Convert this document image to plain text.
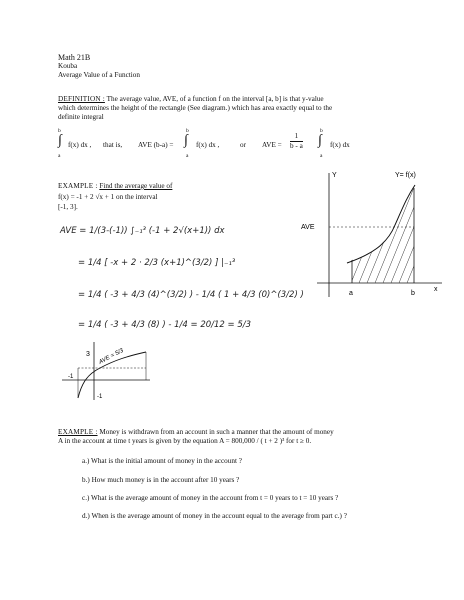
Math 21B
Kouba
Average Value of a Function
DEFINITION : The average value, AVE, of a function f on the interval [a, b] is that y-value
which determines the height of the rectangle (See diagram.) which has area exactly equal to the
definite integral
b
∫
a
f(x) dx , that is, AVE (b-a) =
b
∫
a
f(x) dx ,	or AVE = $\frac{1}{b - a}$
b
∫
a
f(x) dx
Y	Y= f(x)
AVE
x
a	b
EXAMPLE : Find the average value of
f(x) = -1 + 2 √x + 1 on the interval
[-1, 3].
AVE = 1/(3-(-1)) ∫₋₁³ (-1 + 2√(x+1)) dx
= 1/4 [ -x + 2 · 2/3 (x+1)^(3/2) ] |₋₁³
= 1/4 ( -3 + 4/3 (4)^(3/2) ) - 1/4 ( 1 + 4/3 (0)^(3/2) )
= 1/4 ( -3 + 4/3 (8) ) - 1/4 = 20/12 = 5/3
AVE = 5/3
3
-1
-1
EXAMPLE : Money is withdrawn from an account in such a manner that the amount of money
A in the account at time t years is given by the equation A = 800,000 / ( t + 2 )³ for t ≥ 0.
a.) What is the initial amount of money in the account ?
b.) How much money is in the account after 10 years ?
c.) What is the average amount of money in the account from t = 0 years to t = 10 years ?
d.) When is the average amount of money in the account equal to the average from part c.) ?
